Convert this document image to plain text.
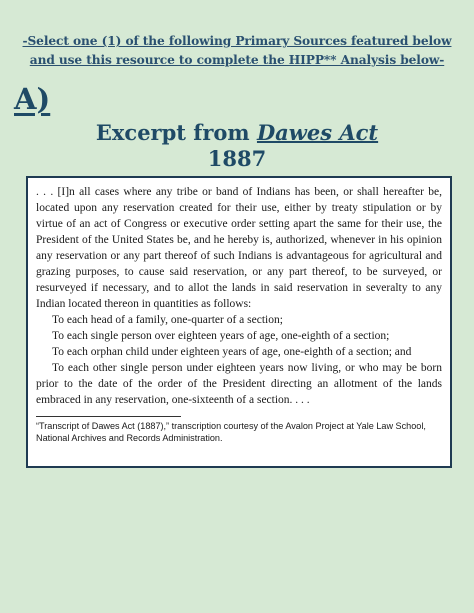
-Select one (1) of the following Primary Sources featured below
and use this resource to complete the HIPP** Analysis below-
A)
Excerpt from Dawes Act
1887
. . . [I]n all cases where any tribe or band of Indians has been, or shall hereafter be, located upon any reservation created for their use, either by treaty stipulation or by virtue of an act of Congress or executive order setting apart the same for their use, the President of the United States be, and he hereby is, authorized, whenever in his opinion any reservation or any part thereof of such Indians is advantageous for agricultural and grazing purposes, to cause said reservation, or any part thereof, to be surveyed, or resurveyed if necessary, and to allot the lands in said reservation in severalty to any Indian located thereon in quantities as follows:
To each head of a family, one-quarter of a section;
To each single person over eighteen years of age, one-eighth of a section;
To each orphan child under eighteen years of age, one-eighth of a section; and
To each other single person under eighteen years now living, or who may be born prior to the date of the order of the President directing an allotment of the lands embraced in any reservation, one-sixteenth of a section. . . .
“Transcript of Dawes Act (1887),” transcription courtesy of the Avalon Project at Yale Law School, National Archives and Records Administration.
